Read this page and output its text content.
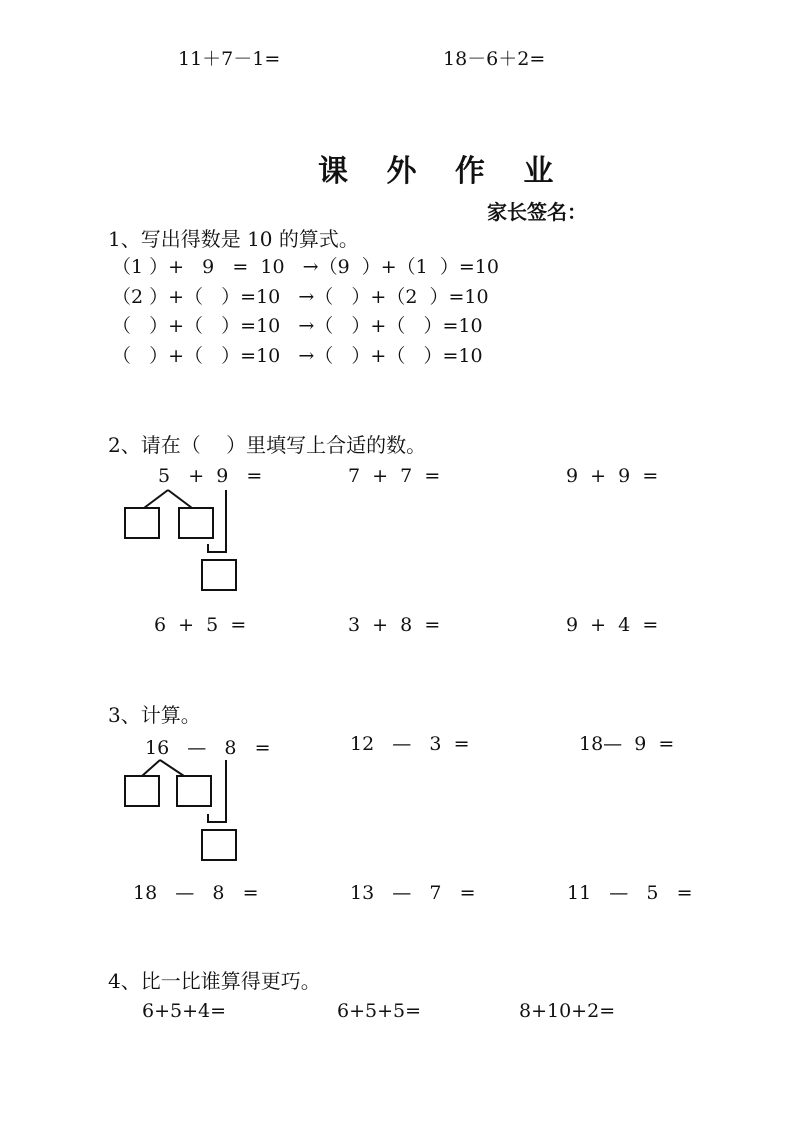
11＋7－1=	18－6＋2=
课 外 作 业
家长签名：
1、写出得数是 10 的算式。
（1 ）+   9   =  10   →（9  ）+（1  ）=10
（2 ）+（   ）=10   →（   ）+（2  ）=10
（   ）+（   ）=10   →（   ）+（   ）=10
（   ）+（   ）=10   →（   ）+（   ）=10
2、请在（    ）里填写上合适的数。
5   +  9   =	7  +  7  =	9  +  9  =
6  +  5  =	3  +  8  =	9  +  4  =
3、计算。
16   —   8   =	12   —   3  =	18—  9  =
18   —   8   =	13   —   7   =	11   —   5   =
4、比一比谁算得更巧。
6+5+4=	6+5+5=	8+10+2=
